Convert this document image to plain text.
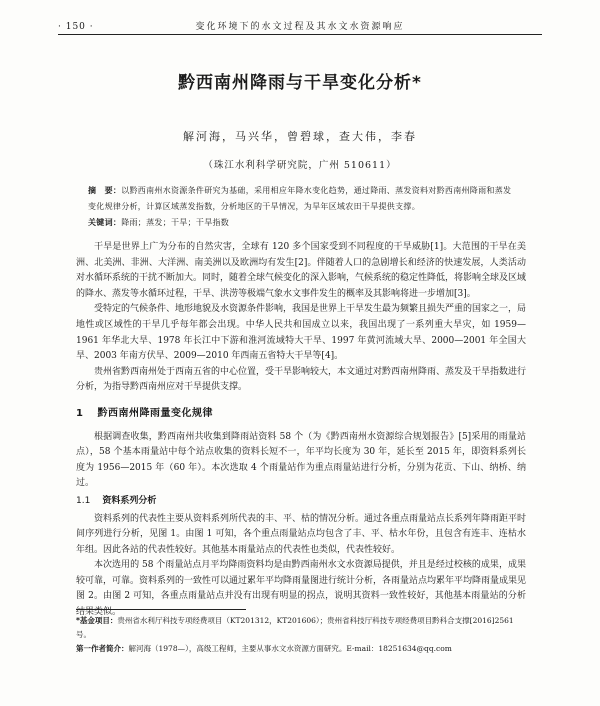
· 150 ·	变化环境下的水文过程及其水文水资源响应
黔西南州降雨与干旱变化分析*
解河海，马兴华，曾碧球，查大伟，李春
（珠江水利科学研究院，广州 510611）
摘　要：以黔西南州水资源条件研究为基础，采用相应年降水变化趋势，通过降雨、蒸发资料对黔西南州降雨和蒸发变化规律分析，计算区域蒸发指数，分析地区的干旱情况，为旱年区域农田干旱提供支撑。
关键词：降雨；蒸发；干旱；干旱指数

干旱是世界上广为分布的自然灾害，全球有 120 多个国家受到不同程度的干旱威胁[1]。大范围的干旱在美洲、北美洲、非洲、大洋洲、南美洲以及欧洲均有发生[2]。伴随着人口的急剧增长和经济的快速发展，人类活动对水循环系统的干扰不断加大。同时，随着全球气候变化的深入影响，气候系统的稳定性降低，将影响全球及区域的降水、蒸发等水循环过程，干旱、洪涝等极端气象水文事件发生的概率及其影响将进一步增加[3]。

受特定的气候条件、地形地貌及水资源条件影响，我国是世界上干旱发生最为频繁且损失严重的国家之一，局地性或区域性的干旱几乎每年都会出现。中华人民共和国成立以来，我国出现了一系列重大旱灾，如 1959—1961 年华北大旱、1978 年长江中下游和淮河流域特大干旱、1997 年黄河流域大旱、2000—2001 年全国大旱、2003 年南方伏旱、2009—2010 年西南五省特大干旱等[4]。

贵州省黔西南州处于西南五省的中心位置，受干旱影响较大，本文通过对黔西南州降雨、蒸发及干旱指数进行分析，为指导黔西南州应对干旱提供支撑。

1 黔西南州降雨量变化规律

根据调查收集，黔西南州共收集到降雨站资料 58 个（为《黔西南州水资源综合规划报告》[5]采用的雨量站点），58 个基本雨量站中每个站点收集的资料长短不一，年平均长度为 30 年，延长至 2015 年，即资料系列长度为 1956—2015 年（60 年）。本次选取 4 个雨量站作为重点雨量站进行分析，分别为花贡、下山、纳桥、纳过。

1.1 资料系列分析

资料系列的代表性主要从资料系列所代表的丰、平、枯的情况分析。通过各重点雨量站点长系列年降雨距平时间序列进行分析，见图 1。由图 1 可知，各个重点雨量站点均包含了丰、平、枯水年份，且包含有连丰、连枯水年组。因此各站的代表性较好。其他基本雨量站点的代表性也类似，代表性较好。

本次选用的 58 个雨量站点月平均降雨资料均是由黔西南州水文水资源局提供，并且是经过校核的成果，成果较可靠，可靠。资料系列的一致性可以通过累年平均降雨量图进行统计分析，各雨量站点均累年平均降雨量成果见图 2。由图 2 可知，各重点雨量站点并没有出现有明显的拐点，说明其资料一致性较好，其他基本雨量站的分析结果类似。

*基金项目：贵州省水利厅科技专项经费项目（KT201312，KT201606）；贵州省科技厅科技专项经费项目黔科合支撑[2016]2561号。
第一作者简介：解河海（1978—），高级工程师，主要从事水文水资源方面研究。E-mail：18251634@qq.com
